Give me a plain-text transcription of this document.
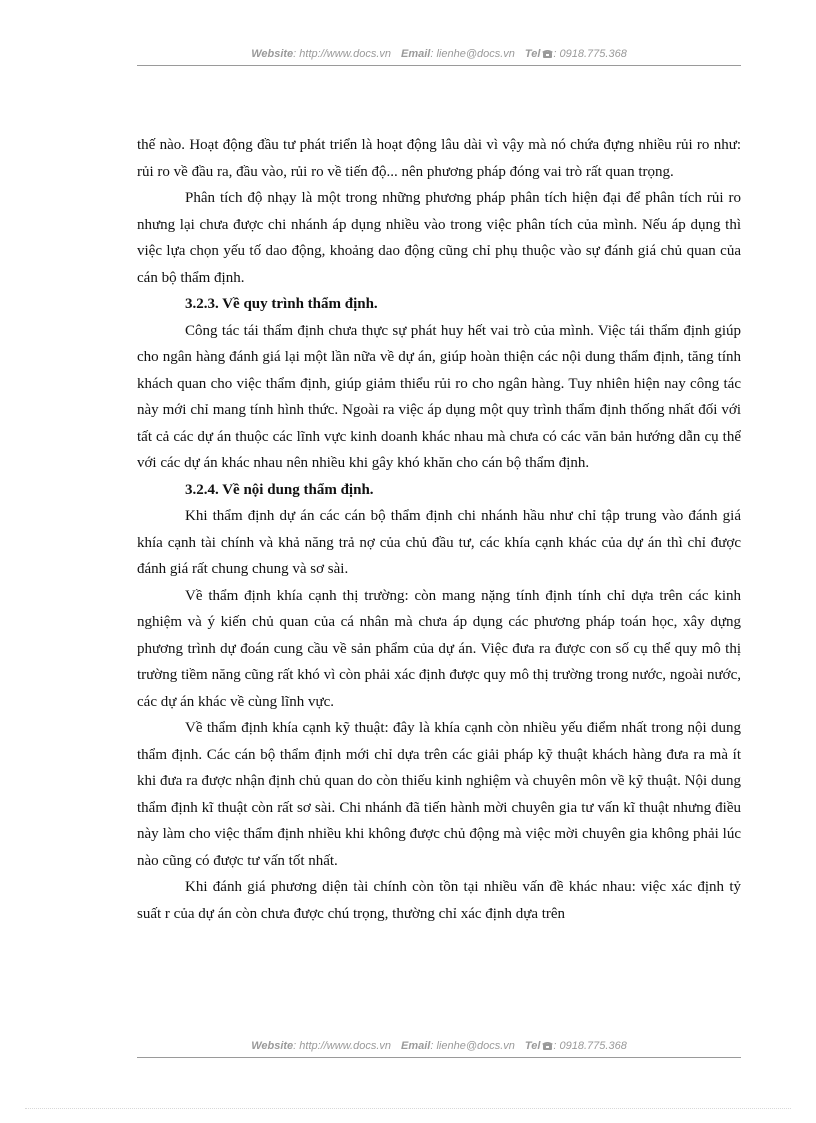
Website: http://www.docs.vn Email: lienhe@docs.vn Tel : 0918.775.368

thế nào. Hoạt động đầu tư phát triển là hoạt động lâu dài vì vậy mà nó chứa đựng nhiều rủi ro như: rủi ro về đầu ra, đầu vào, rủi ro về tiến độ... nên phương pháp đóng vai trò rất quan trọng.

Phân tích độ nhạy là một trong những phương pháp phân tích hiện đại để phân tích rủi ro nhưng lại chưa được chi nhánh áp dụng nhiều vào trong việc phân tích của mình. Nếu áp dụng thì việc lựa chọn yếu tố dao động, khoảng dao động cũng chỉ phụ thuộc vào sự đánh giá chủ quan của cán bộ thẩm định.

3.2.3. Về quy trình thẩm định.

Công tác tái thẩm định chưa thực sự phát huy hết vai trò của mình. Việc tái thẩm định giúp cho ngân hàng đánh giá lại một lần nữa về dự án, giúp hoàn thiện các nội dung thẩm định, tăng tính khách quan cho việc thẩm định, giúp giảm thiểu rủi ro cho ngân hàng. Tuy nhiên hiện nay công tác này mới chỉ mang tính hình thức. Ngoài ra việc áp dụng một quy trình thẩm định thống nhất đối với tất cả các dự án thuộc các lĩnh vực kinh doanh khác nhau mà chưa có các văn bản hướng dẫn cụ thể với các dự án khác nhau nên nhiều khi gây khó khăn cho cán bộ thẩm định.

3.2.4. Về nội dung thẩm định.

Khi thẩm định dự án các cán bộ thẩm định chi nhánh hầu như chỉ tập trung vào đánh giá khía cạnh tài chính và khả năng trả nợ của chủ đầu tư, các khía cạnh khác của dự án thì chỉ được đánh giá rất chung chung và sơ sài.

Về thẩm định khía cạnh thị trường: còn mang nặng tính định tính chỉ dựa trên các kinh nghiệm và ý kiến chủ quan của cá nhân mà chưa áp dụng các phương pháp toán học, xây dựng phương trình dự đoán cung cầu về sản phẩm của dự án. Việc đưa ra được con số cụ thể quy mô thị trường tiềm năng cũng rất khó vì còn phải xác định được quy mô thị trường trong nước, ngoài nước, các dự án khác về cùng lĩnh vực.

Về thẩm định khía cạnh kỹ thuật: đây là khía cạnh còn nhiều yếu điểm nhất trong nội dung thẩm định. Các cán bộ thẩm định mới chỉ dựa trên các giải pháp kỹ thuật khách hàng đưa ra mà ít khi đưa ra được nhận định chủ quan do còn thiếu kinh nghiệm và chuyên môn về kỹ thuật. Nội dung thẩm định kĩ thuật còn rất sơ sài. Chi nhánh đã tiến hành mời chuyên gia tư vấn kĩ thuật nhưng điều này làm cho việc thẩm định nhiều khi không được chủ động mà việc mời chuyên gia không phải lúc nào cũng có được tư vấn tốt nhất.

Khi đánh giá phương diện tài chính còn tồn tại nhiều vấn đề khác nhau: việc xác định tỷ suất r của dự án còn chưa được chú trọng, thường chỉ xác định dựa trên

Website: http://www.docs.vn Email: lienhe@docs.vn Tel : 0918.775.368
